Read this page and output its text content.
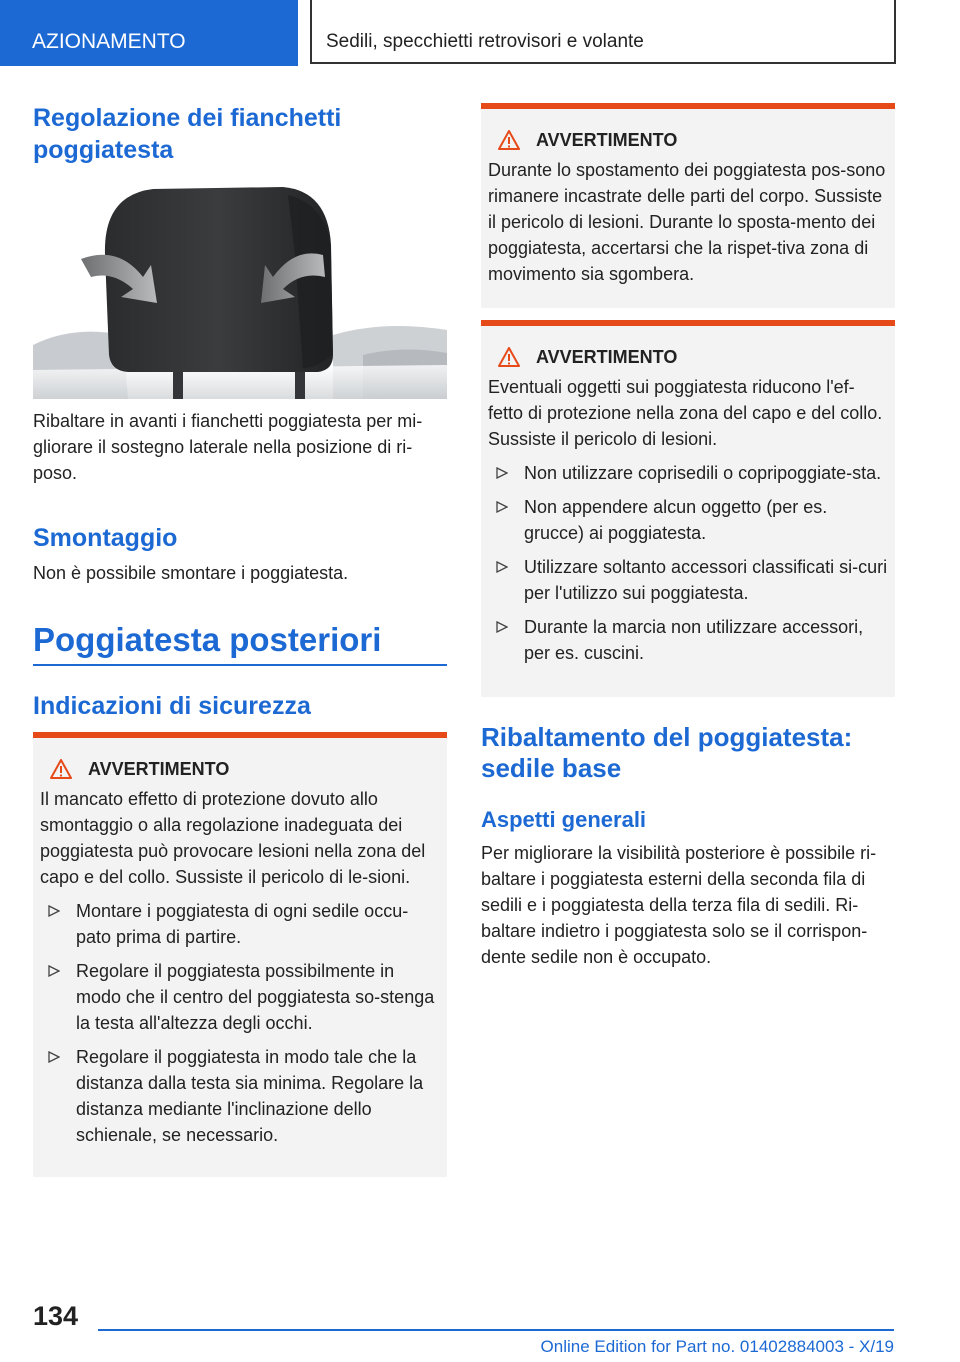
AZIONAMENTO	Sedili, specchietti retrovisori e volante
Regolazione dei fianchetti poggiatesta

Ribaltare in avanti i fianchetti poggiatesta per mi-gliorare il sostegno laterale nella posizione di ri-poso.

Smontaggio

Non è possibile smontare i poggiatesta.

Poggiatesta posteriori
Indicazioni di sicurezza
AVVERTIMENTO

Il mancato effetto di protezione dovuto allo smontaggio o alla regolazione inadeguata dei poggiatesta può provocare lesioni nella zona del capo e del collo. Sussiste il pericolo di le-sioni.

Montare i poggiatesta di ogni sedile occu-pato prima di partire.
Regolare il poggiatesta possibilmente in modo che il centro del poggiatesta so-stenga la testa all'altezza degli occhi.
Regolare il poggiatesta in modo tale che la distanza dalla testa sia minima. Regolare la distanza mediante l'inclinazione dello schienale, se necessario.
AVVERTIMENTO

Durante lo spostamento dei poggiatesta pos-sono rimanere incastrate delle parti del corpo. Sussiste il pericolo di lesioni. Durante lo sposta-mento dei poggiatesta, accertarsi che la rispet-tiva zona di movimento sia sgombera.

AVVERTIMENTO

Eventuali oggetti sui poggiatesta riducono l'ef-fetto di protezione nella zona del capo e del collo. Sussiste il pericolo di lesioni.

Non utilizzare coprisedili o copripoggiate-sta.
Non appendere alcun oggetto (per es. grucce) ai poggiatesta.
Utilizzare soltanto accessori classificati si-curi per l'utilizzo sui poggiatesta.
Durante la marcia non utilizzare accessori, per es. cuscini.
Ribaltamento del poggiatesta: sedile base
Aspetti generali

Per migliorare la visibilità posteriore è possibile ri-baltare i poggiatesta esterni della seconda fila di sedili e i poggiatesta della terza fila di sedili. Ri-baltare indietro i poggiatesta solo se il corrispon-dente sedile non è occupato.

134
Online Edition for Part no. 01402884003 - X/19
